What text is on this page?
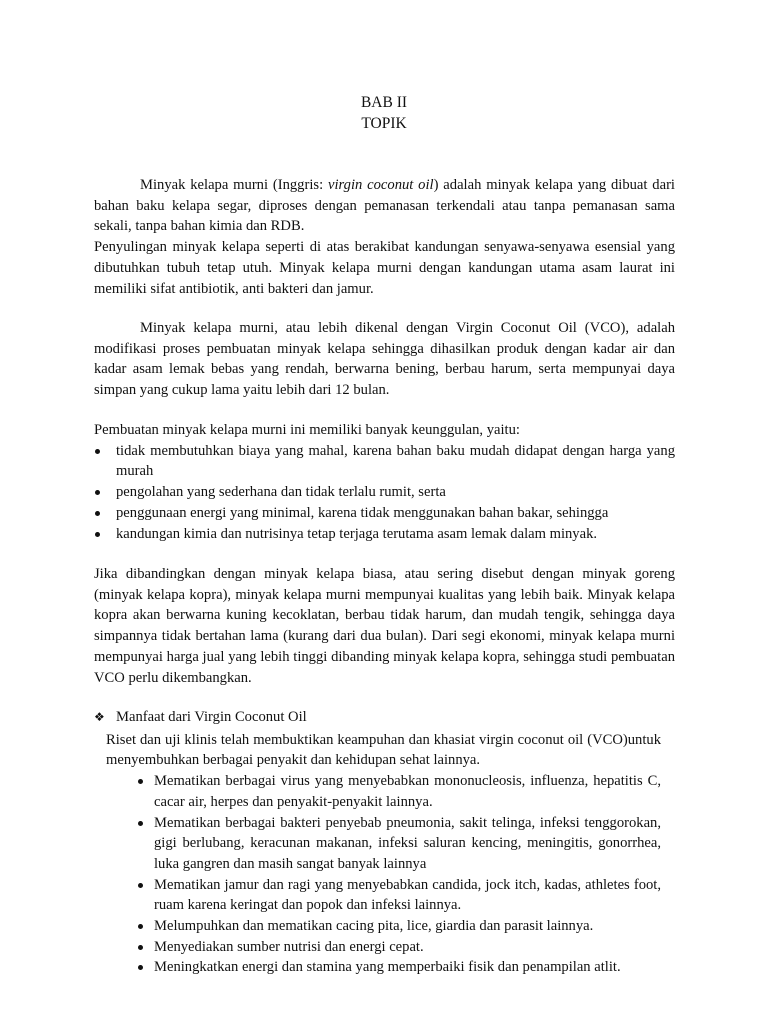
BAB II
TOPIK

Minyak kelapa murni (Inggris: virgin coconut oil) adalah minyak kelapa yang dibuat dari bahan baku kelapa segar, diproses dengan pemanasan terkendali atau tanpa pemanasan sama sekali, tanpa bahan kimia dan RDB.

Penyulingan minyak kelapa seperti di atas berakibat kandungan senyawa-senyawa esensial yang dibutuhkan tubuh tetap utuh. Minyak kelapa murni dengan kandungan utama asam laurat ini memiliki sifat antibiotik, anti bakteri dan jamur.

Minyak kelapa murni, atau lebih dikenal dengan Virgin Coconut Oil (VCO), adalah modifikasi proses pembuatan minyak kelapa sehingga dihasilkan produk dengan kadar air dan kadar asam lemak bebas yang rendah, berwarna bening, berbau harum, serta mempunyai daya simpan yang cukup lama yaitu lebih dari 12 bulan.

Pembuatan minyak kelapa murni ini memiliki banyak keunggulan, yaitu:

tidak membutuhkan biaya yang mahal, karena bahan baku mudah didapat dengan harga yang murah
pengolahan yang sederhana dan tidak terlalu rumit, serta
penggunaan energi yang minimal, karena tidak menggunakan bahan bakar, sehingga
kandungan kimia dan nutrisinya tetap terjaga terutama asam lemak dalam minyak.

Jika dibandingkan dengan minyak kelapa biasa, atau sering disebut dengan minyak goreng (minyak kelapa kopra), minyak kelapa murni mempunyai kualitas yang lebih baik. Minyak kelapa kopra akan berwarna kuning kecoklatan, berbau tidak harum, dan mudah tengik, sehingga daya simpannya tidak bertahan lama (kurang dari dua bulan). Dari segi ekonomi, minyak kelapa murni mempunyai harga jual yang lebih tinggi dibanding minyak kelapa kopra, sehingga studi pembuatan VCO perlu dikembangkan.

❖ Manfaat dari Virgin Coconut Oil

Riset dan uji klinis telah membuktikan keampuhan dan khasiat virgin coconut oil (VCO)untuk menyembuhkan berbagai penyakit dan kehidupan sehat lainnya.

Mematikan berbagai virus yang menyebabkan mononucleosis, influenza, hepatitis C, cacar air, herpes dan penyakit-penyakit lainnya.
Mematikan berbagai bakteri penyebab pneumonia, sakit telinga, infeksi tenggorokan, gigi berlubang, keracunan makanan, infeksi saluran kencing, meningitis, gonorrhea, luka gangren dan masih sangat banyak lainnya
Mematikan jamur dan ragi yang menyebabkan candida, jock itch, kadas, athletes foot, ruam karena keringat dan popok dan infeksi lainnya.
Melumpuhkan dan mematikan cacing pita, lice, giardia dan parasit lainnya.
Menyediakan sumber nutrisi dan energi cepat.
Meningkatkan energi dan stamina yang memperbaiki fisik dan penampilan atlit.
